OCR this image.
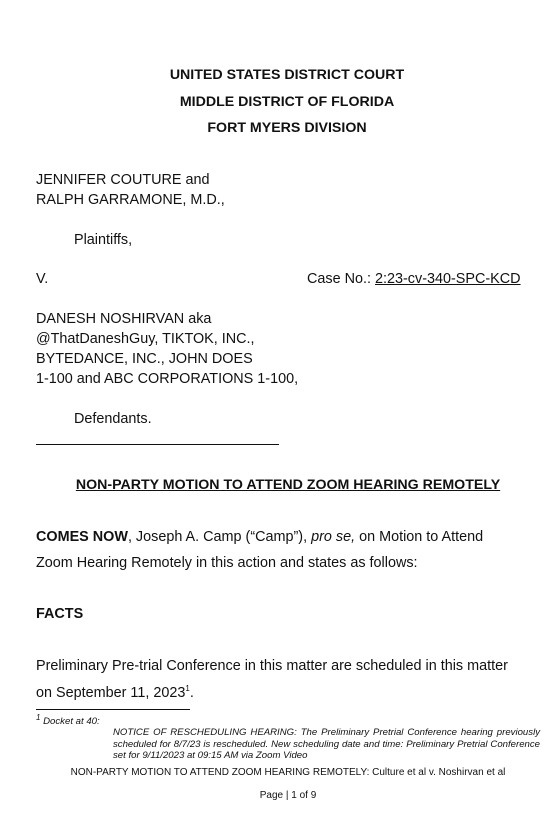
UNITED STATES DISTRICT COURT
MIDDLE DISTRICT OF FLORIDA
FORT MYERS DIVISION
JENNIFER COUTURE and
RALPH GARRAMONE, M.D.,
Plaintiffs,
V.	Case No.: 2:23-cv-340-SPC-KCD
DANESH NOSHIRVAN aka
@ThatDaneshGuy, TIKTOK, INC.,
BYTEDANCE, INC., JOHN DOES
1-100 and ABC CORPORATIONS 1-100,
Defendants.
NON-PARTY MOTION TO ATTEND ZOOM HEARING REMOTELY
COMES NOW, Joseph A. Camp (“Camp”), pro se, on Motion to Attend
Zoom Hearing Remotely in this action and states as follows:
FACTS
Preliminary Pre-trial Conference in this matter are scheduled in this matter
on September 11, 2023$^1$.
$^1$ Docket at 40:
NOTICE OF RESCHEDULING HEARING: The Preliminary Pretrial Conference hearing previously scheduled for 8/7/23 is rescheduled. New scheduling date and time: Preliminary Pretrial Conference set for 9/11/2023 at 09:15 AM via Zoom Video
NON-PARTY MOTION TO ATTEND ZOOM HEARING REMOTELY: Culture et al v. Noshirvan et al
Page | 1 of 9
